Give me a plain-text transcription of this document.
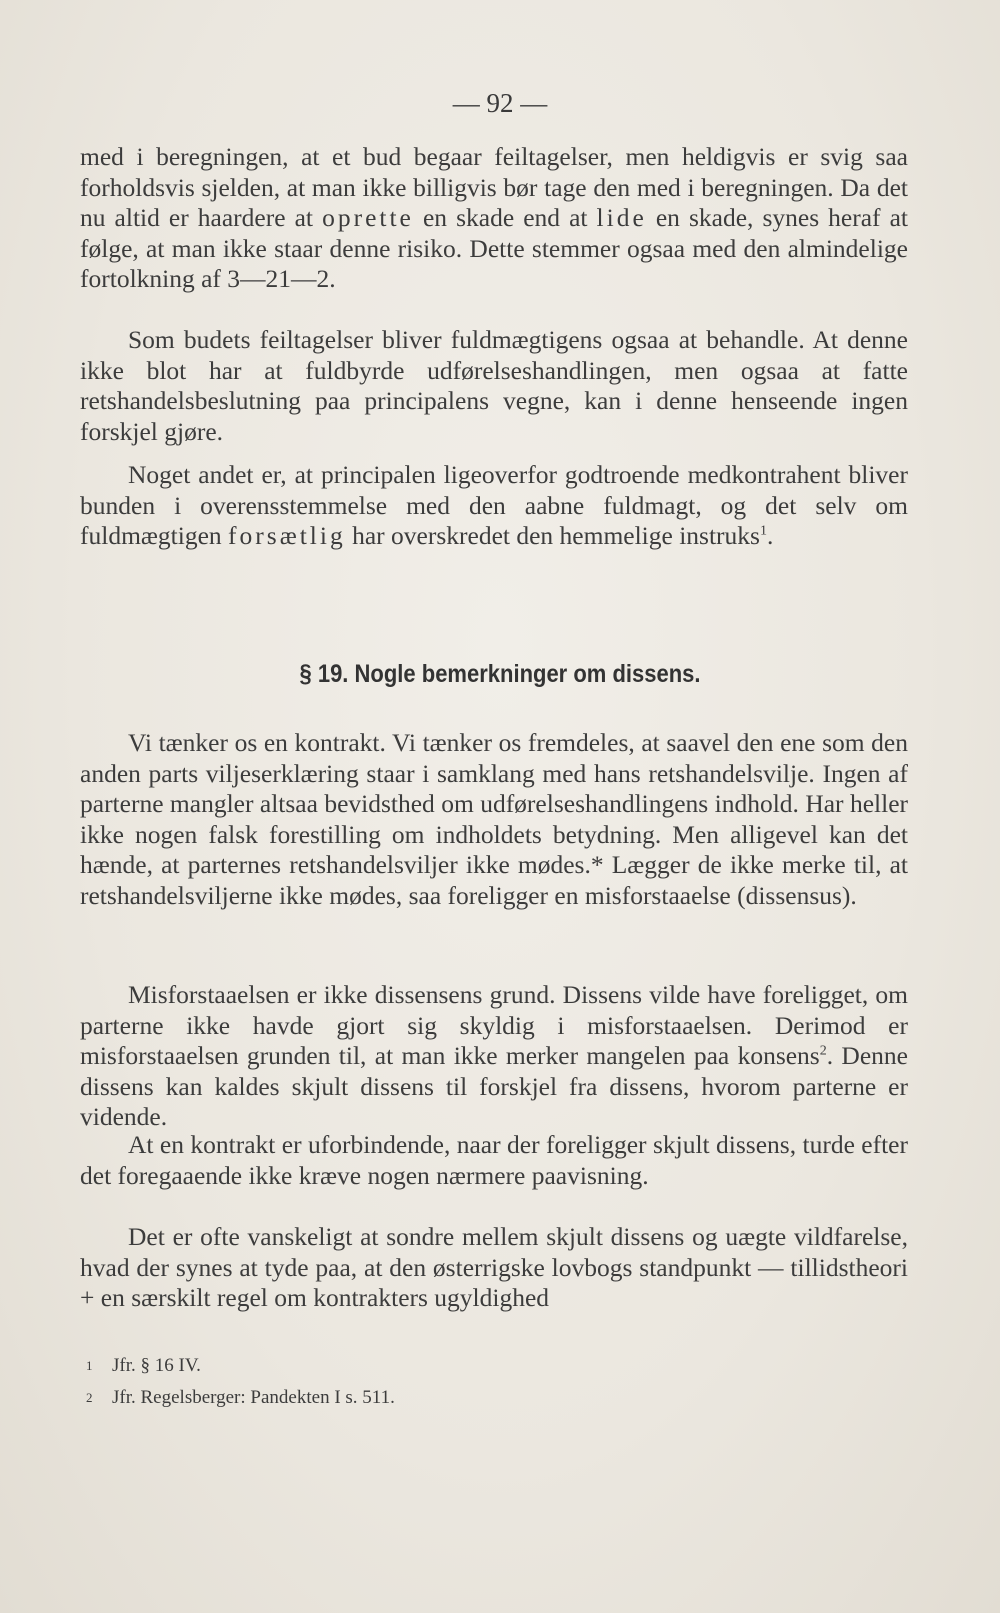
— 92 —

med i beregningen, at et bud begaar feiltagelser, men heldigvis er svig saa forholdsvis sjelden, at man ikke billigvis bør tage den med i beregningen. Da det nu altid er haardere at oprette en skade end at lide en skade, synes heraf at følge, at man ikke staar denne risiko. Dette stemmer ogsaa med den almindelige fortolkning af 3—21—2.

Som budets feiltagelser bliver fuldmægtigens ogsaa at behandle. At denne ikke blot har at fuldbyrde udførelseshandlingen, men ogsaa at fatte retshandelsbeslutning paa principalens vegne, kan i denne henseende ingen forskjel gjøre.

Noget andet er, at principalen ligeoverfor godtroende medkontrahent bliver bunden i overensstemmelse med den aabne fuldmagt, og det selv om fuldmægtigen forsætlig har overskredet den hemmelige instruks$^1$.

§ 19. Nogle bemerkninger om dissens.

Vi tænker os en kontrakt. Vi tænker os fremdeles, at saavel den ene som den anden parts viljeserklæring staar i samklang med hans retshandelsvilje. Ingen af parterne mangler altsaa bevidsthed om udførelseshandlingens indhold. Har heller ikke nogen falsk forestilling om indholdets betydning. Men alligevel kan det hænde, at parternes retshandelsviljer ikke mødes.* Lægger de ikke merke til, at retshandelsviljerne ikke mødes, saa foreligger en misforstaaelse (dissensus).

Misforstaaelsen er ikke dissensens grund. Dissens vilde have foreligget, om parterne ikke havde gjort sig skyldig i misforstaaelsen. Derimod er misforstaaelsen grunden til, at man ikke merker mangelen paa konsens$^2$. Denne dissens kan kaldes skjult dissens til forskjel fra dissens, hvorom parterne er vidende.

At en kontrakt er uforbindende, naar der foreligger skjult dissens, turde efter det foregaaende ikke kræve nogen nærmere paavisning.

Det er ofte vanskeligt at sondre mellem skjult dissens og uægte vildfarelse, hvad der synes at tyde paa, at den østerrigske lovbogs standpunkt — tillidstheori + en særskilt regel om kontrakters ugyldighed

1 Jfr. § 16 IV.
2 Jfr. Regelsberger: Pandekten I s. 511.
